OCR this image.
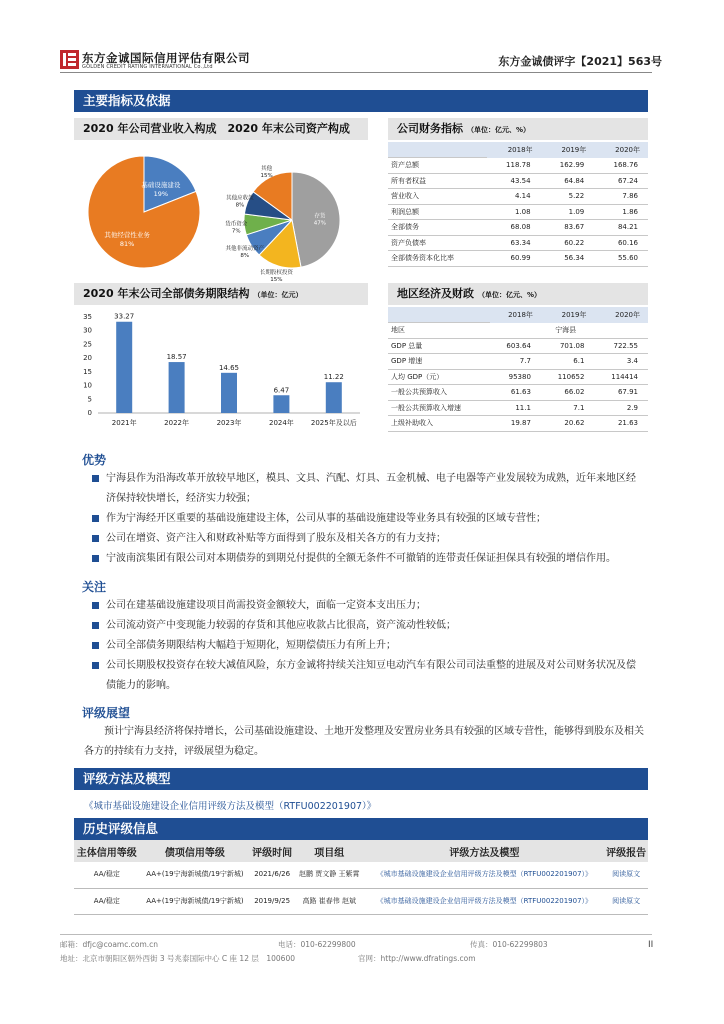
东方金诚国际信用评估有限公司
GOLDEN CREDIT RATING INTERNATIONAL Co.,Ltd	东方金诚债评字【2021】563号
主要指标及依据
2020 年公司营业收入构成　 2020 年末公司资产构成
基础设施建设
19%
其他经营性业务
81%
存货
47%
长期股权投资
15%
其他非流动资产
8%
货币资金
7%
其他应收款
8%
其他
15%
公司财务指标 （单位：亿元、%）
	2018年	2019年	2020年
资产总额	118.78	162.99	168.76
所有者权益	43.54	64.84	67.24
营业收入	4.14	5.22	7.86
利润总额	1.08	1.09	1.86
全部债务	68.08	83.67	84.21
资产负债率	63.34	60.22	60.16
全部债务资本化比率	60.99	56.34	55.60
2020 年末公司全部债务期限结构 （单位：亿元）
0
5
10
15
20
25
30
35	33.27
2021年
18.57
2022年
14.65
2023年
6.47
2024年
11.22
2025年及以后
地区经济及财政 （单位：亿元、%）
	2018年	2019年	2020年
地区	宁海县		
GDP 总量	603.64	701.08	722.55
GDP 增速	7.7	6.1	3.4
人均 GDP（元）	95380	110652	114414
一般公共预算收入	61.63	66.02	67.91
一般公共预算收入增速	11.1	7.1	2.9
上级补助收入	19.87	20.62	21.63
优势
宁海县作为沿海改革开放较早地区，模具、文具、汽配、灯具、五金机械、电子电器等产业发展较为成熟，近年来地区经济保持较快增长，经济实力较强；
作为宁海经开区重要的基础设施建设主体，公司从事的基础设施建设等业务具有较强的区域专营性；
公司在增资、资产注入和财政补贴等方面得到了股东及相关各方的有力支持；
宁波南滨集团有限公司对本期债券的到期兑付提供的全额无条件不可撤销的连带责任保证担保具有较强的增信作用。
关注
公司在建基础设施建设项目尚需投资金额较大，面临一定资本支出压力；
公司流动资产中变现能力较弱的存货和其他应收款占比很高，资产流动性较低；
公司全部债务期限结构大幅趋于短期化，短期偿债压力有所上升；
公司长期股权投资存在较大减值风险，东方金诚将持续关注知豆电动汽车有限公司司法重整的进展及对公司财务状况及偿债能力的影响。
评级展望
预计宁海县经济将保持增长，公司基础设施建设、土地开发整理及安置房业务具有较强的区域专营性，能够得到股东及相关各方的持续有力支持，评级展望为稳定。
评级方法及模型
《城市基础设施建设企业信用评级方法及模型（RTFU002201907）》
历史评级信息
主体信用等级	债项信用等级	评级时间	项目组	评级方法及模型	评级报告
AA/稳定	AA+(19宁海新城债/19宁新城)	2021/6/26	赵鹏 贾文静 王紫霄	《城市基础设施建设企业信用评级方法及模型（RTFU002201907）》	阅读原文
AA/稳定	AA+(19宁海新城债/19宁新城)	2019/9/25	高路 崔春伟 赵斌	《城市基础设施建设企业信用评级方法及模型（RTFU002201907）》	阅读原文
邮箱：dfjc@coamc.com.cn	电话：010-62299800	传真：010-62299803
地址：北京市朝阳区朝外西街 3 号兆泰国际中心 C 座 12 层　100600	官网：http://www.dfratings.com
II
